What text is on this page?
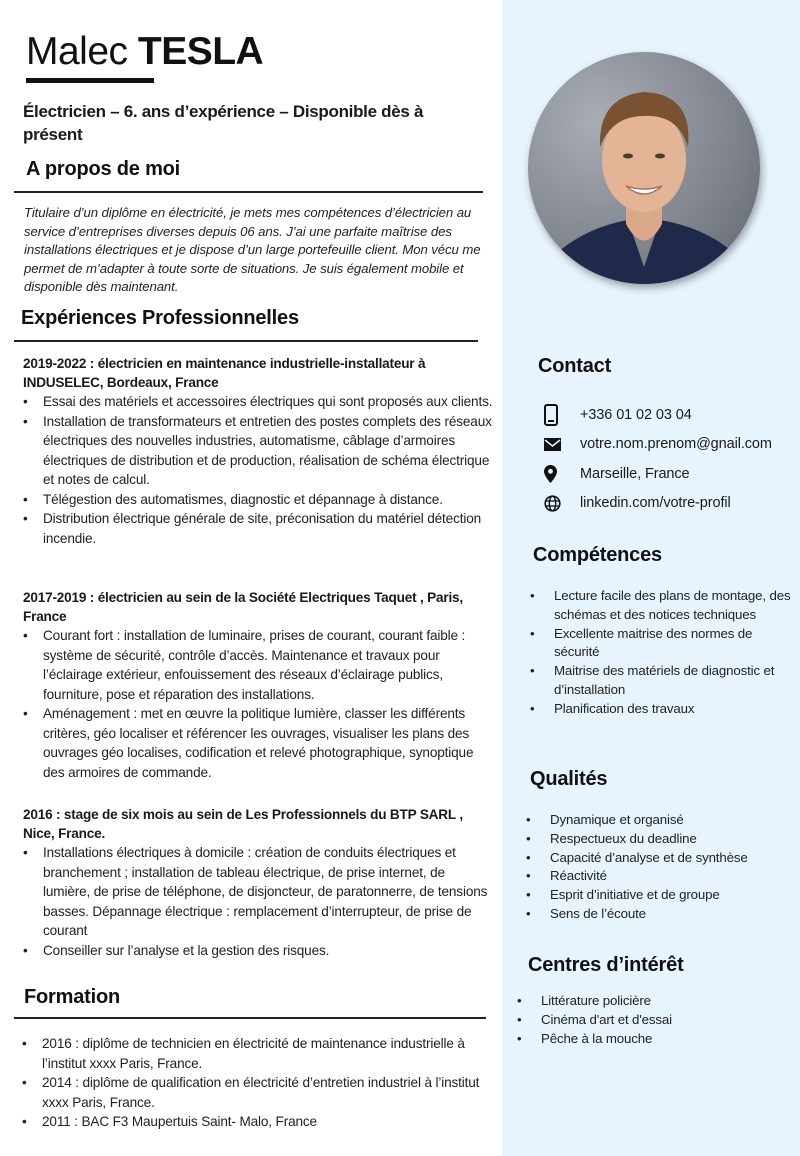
Malec TESLA
Électricien – 6. ans d’expérience – Disponible dès à présent
A propos de moi
Titulaire d’un diplôme en électricité, je mets mes compétences d’électricien au service d’entreprises diverses depuis 06 ans. J’ai une parfaite maîtrise des installations électriques et je dispose d’un large portefeuille client. Mon vécu me permet de m’adapter à toute sorte de situations. Je suis également mobile et disponible dès maintenant.
Expériences Professionnelles
2019-2022 : électricien en maintenance industrielle-installateur à INDUSELEC, Bordeaux, France
• Essai des matériels et accessoires électriques qui sont proposés aux clients.
• Installation de transformateurs et entretien des postes complets des réseaux électriques des nouvelles industries, automatisme, câblage d’armoires électriques de distribution et de production, réalisation de schéma électrique et notes de calcul.
• Télégestion des automatismes, diagnostic et dépannage à distance.
• Distribution électrique générale de site, préconisation du matériel détection incendie.
2017-2019 : électricien au sein de la Société Electriques Taquet , Paris, France
• Courant fort : installation de luminaire, prises de courant, courant faible : système de sécurité, contrôle d’accès. Maintenance et travaux pour l’éclairage extérieur, enfouissement des réseaux d’éclairage publics, fourniture, pose et réparation des installations.
• Aménagement : met en œuvre la politique lumière, classer les différents critères, géo localiser et référencer les ouvrages, visualiser les plans des ouvrages géo localises, codification et relevé photographique, synoptique des armoires de commande.
2016 : stage de six mois au sein de Les Professionnels du BTP SARL , Nice, France.
• Installations électriques à domicile : création de conduits électriques et branchement ; installation de tableau électrique, de prise internet, de lumière, de prise de téléphone, de disjoncteur, de paratonnerre, de tensions basses. Dépannage électrique : remplacement d’interrupteur, de prise de courant
• Conseiller sur l’analyse et la gestion des risques.
Formation
• 2016 : diplôme de technicien en électricité de maintenance industrielle à l’institut xxxx Paris, France.
• 2014 : diplôme de qualification en électricité d’entretien industriel à l’institut xxxx Paris, France.
• 2011 : BAC F3 Maupertuis Saint- Malo, France
Contact
+336 01 02 03 04
votre.nom.prenom@gnail.com
Marseille, France
linkedin.com/votre-profil
Compétences
• Lecture facile des plans de montage, des schémas et des notices techniques
• Excellente maitrise des normes de sécurité
• Maitrise des matériels de diagnostic et d’installation
• Planification des travaux
Qualités
• Dynamique et organisé
• Respectueux du deadline
• Capacité d’analyse et de synthèse
• Réactivité
• Esprit d’initiative et de groupe
• Sens de l’écoute
Centres d’intérêt
• Littérature policière
• Cinéma d'art et d'essai
• Pêche à la mouche
